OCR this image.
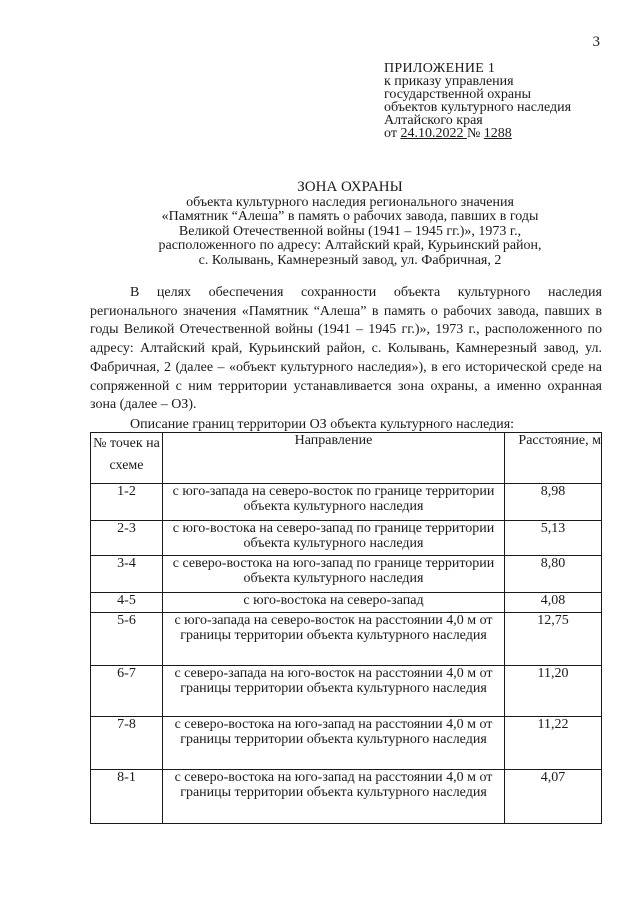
3
ПРИЛОЖЕНИЕ 1
к приказу управления
государственной охраны
объектов культурного наследия
Алтайского края
от 24.10.2022 № 1288
ЗОНА ОХРАНЫ
объекта культурного наследия регионального значения
«Памятник “Алеша” в память о рабочих завода, павших в годы
Великой Отечественной войны (1941 – 1945 гг.)», 1973 г.,
расположенного по адресу: Алтайский край, Курьинский район,
с. Колывань, Камнерезный завод, ул. Фабричная, 2

В целях обеспечения сохранности объекта культурного наследия регионального значения «Памятник “Алеша” в память о рабочих завода, павших в годы Великой Отечественной войны (1941 – 1945 гг.)», 1973 г., расположенного по адресу: Алтайский край, Курьинский район, с. Колывань, Камнерезный завод, ул. Фабричная, 2 (далее – «объект культурного наследия»), в его исторической среде на сопряженной с ним территории устанавливается зона охраны, а именно охранная зона (далее – ОЗ).

Описание границ территории ОЗ объекта культурного наследия:

№ точек на схеме	Направление	Расстояние, м
1-2	с юго-запада на северо-восток по границе территории объекта культурного наследия	8,98
2-3	с юго-востока на северо-запад по границе территории объекта культурного наследия	5,13
3-4	с северо-востока на юго-запад по границе территории объекта культурного наследия	8,80
4-5	с юго-востока на северо-запад	4,08
5-6	с юго-запада на северо-восток на расстоянии 4,0 м от границы территории объекта культурного наследия	12,75
6-7	с северо-запада на юго-восток на расстоянии 4,0 м от границы территории объекта культурного наследия	11,20
7-8	с северо-востока на юго-запад на расстоянии 4,0 м от границы территории объекта культурного наследия	11,22
8-1	с северо-востока на юго-запад на расстоянии 4,0 м от границы территории объекта культурного наследия	4,07
